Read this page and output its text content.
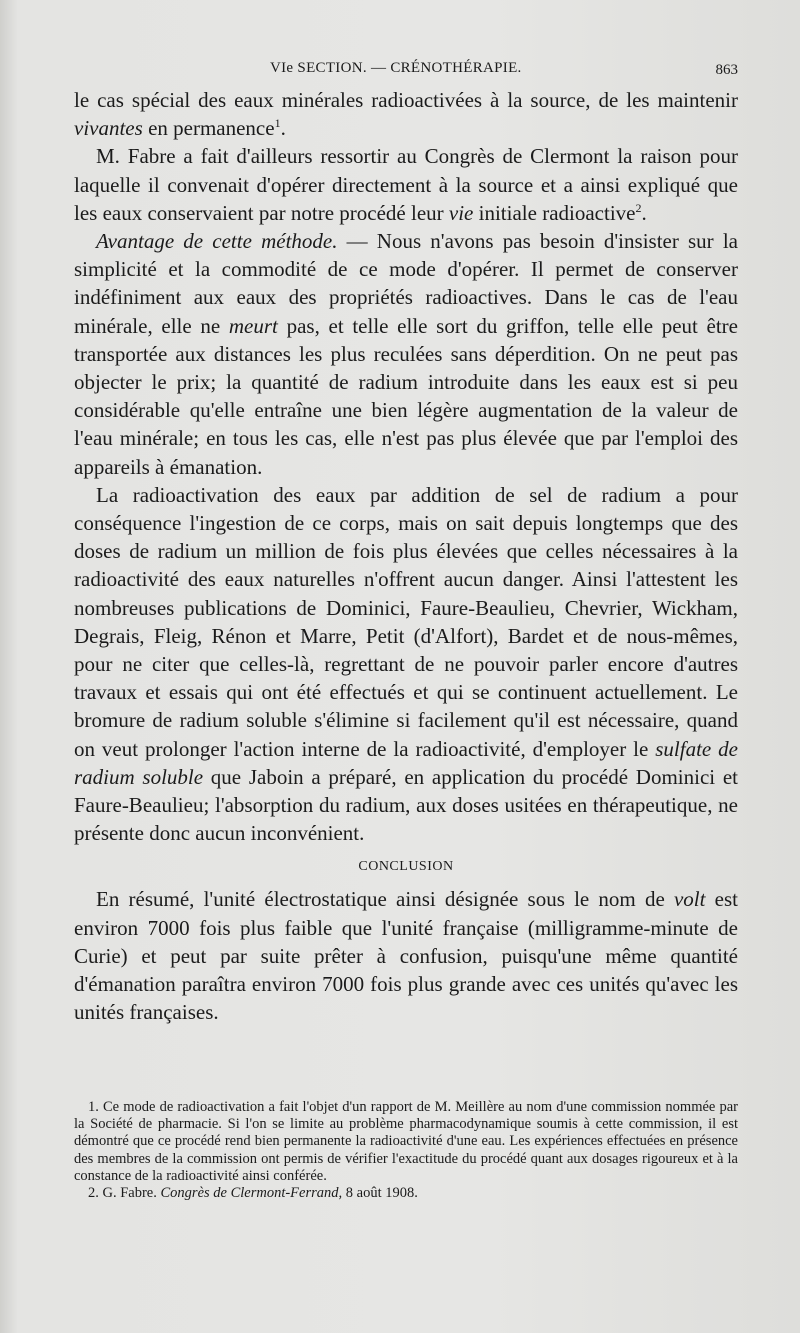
VIe SECTION. — CRÉNOTHÉRAPIE.	863

le cas spécial des eaux minérales radioactivées à la source, de les maintenir vivantes en permanence$^1$.

M. Fabre a fait d'ailleurs ressortir au Congrès de Clermont la raison pour laquelle il convenait d'opérer directement à la source et a ainsi expliqué que les eaux conservaient par notre procédé leur vie initiale radioactive$^2$.

Avantage de cette méthode. — Nous n'avons pas besoin d'insister sur la simplicité et la commodité de ce mode d'opérer. Il permet de conserver indéfiniment aux eaux des propriétés radioactives. Dans le cas de l'eau minérale, elle ne meurt pas, et telle elle sort du griffon, telle elle peut être transportée aux distances les plus reculées sans déperdition. On ne peut pas objecter le prix; la quantité de radium introduite dans les eaux est si peu considérable qu'elle entraîne une bien légère augmentation de la valeur de l'eau minérale; en tous les cas, elle n'est pas plus élevée que par l'emploi des appareils à émanation.

La radioactivation des eaux par addition de sel de radium a pour conséquence l'ingestion de ce corps, mais on sait depuis longtemps que des doses de radium un million de fois plus élevées que celles nécessaires à la radioactivité des eaux naturelles n'offrent aucun danger. Ainsi l'attestent les nombreuses publications de Dominici, Faure-Beaulieu, Chevrier, Wickham, Degrais, Fleig, Rénon et Marre, Petit (d'Alfort), Bardet et de nous-mêmes, pour ne citer que celles-là, regrettant de ne pouvoir parler encore d'autres travaux et essais qui ont été effectués et qui se continuent actuellement. Le bromure de radium soluble s'élimine si facilement qu'il est nécessaire, quand on veut prolonger l'action interne de la radioactivité, d'employer le sulfate de radium soluble que Jaboin a préparé, en application du procédé Dominici et Faure-Beaulieu; l'absorption du radium, aux doses usitées en thérapeutique, ne présente donc aucun inconvénient.

CONCLUSION

En résumé, l'unité électrostatique ainsi désignée sous le nom de volt est environ 7000 fois plus faible que l'unité française (milligramme-minute de Curie) et peut par suite prêter à confusion, puisqu'une même quantité d'émanation paraîtra environ 7000 fois plus grande avec ces unités qu'avec les unités françaises.

1. Ce mode de radioactivation a fait l'objet d'un rapport de M. Meillère au nom d'une commission nommée par la Société de pharmacie. Si l'on se limite au problème pharmacodynamique soumis à cette commission, il est démontré que ce procédé rend bien permanente la radioactivité d'une eau. Les expériences effectuées en présence des membres de la commission ont permis de vérifier l'exactitude du procédé quant aux dosages rigoureux et à la constance de la radioactivité ainsi conférée.

2. G. Fabre. Congrès de Clermont-Ferrand, 8 août 1908.
